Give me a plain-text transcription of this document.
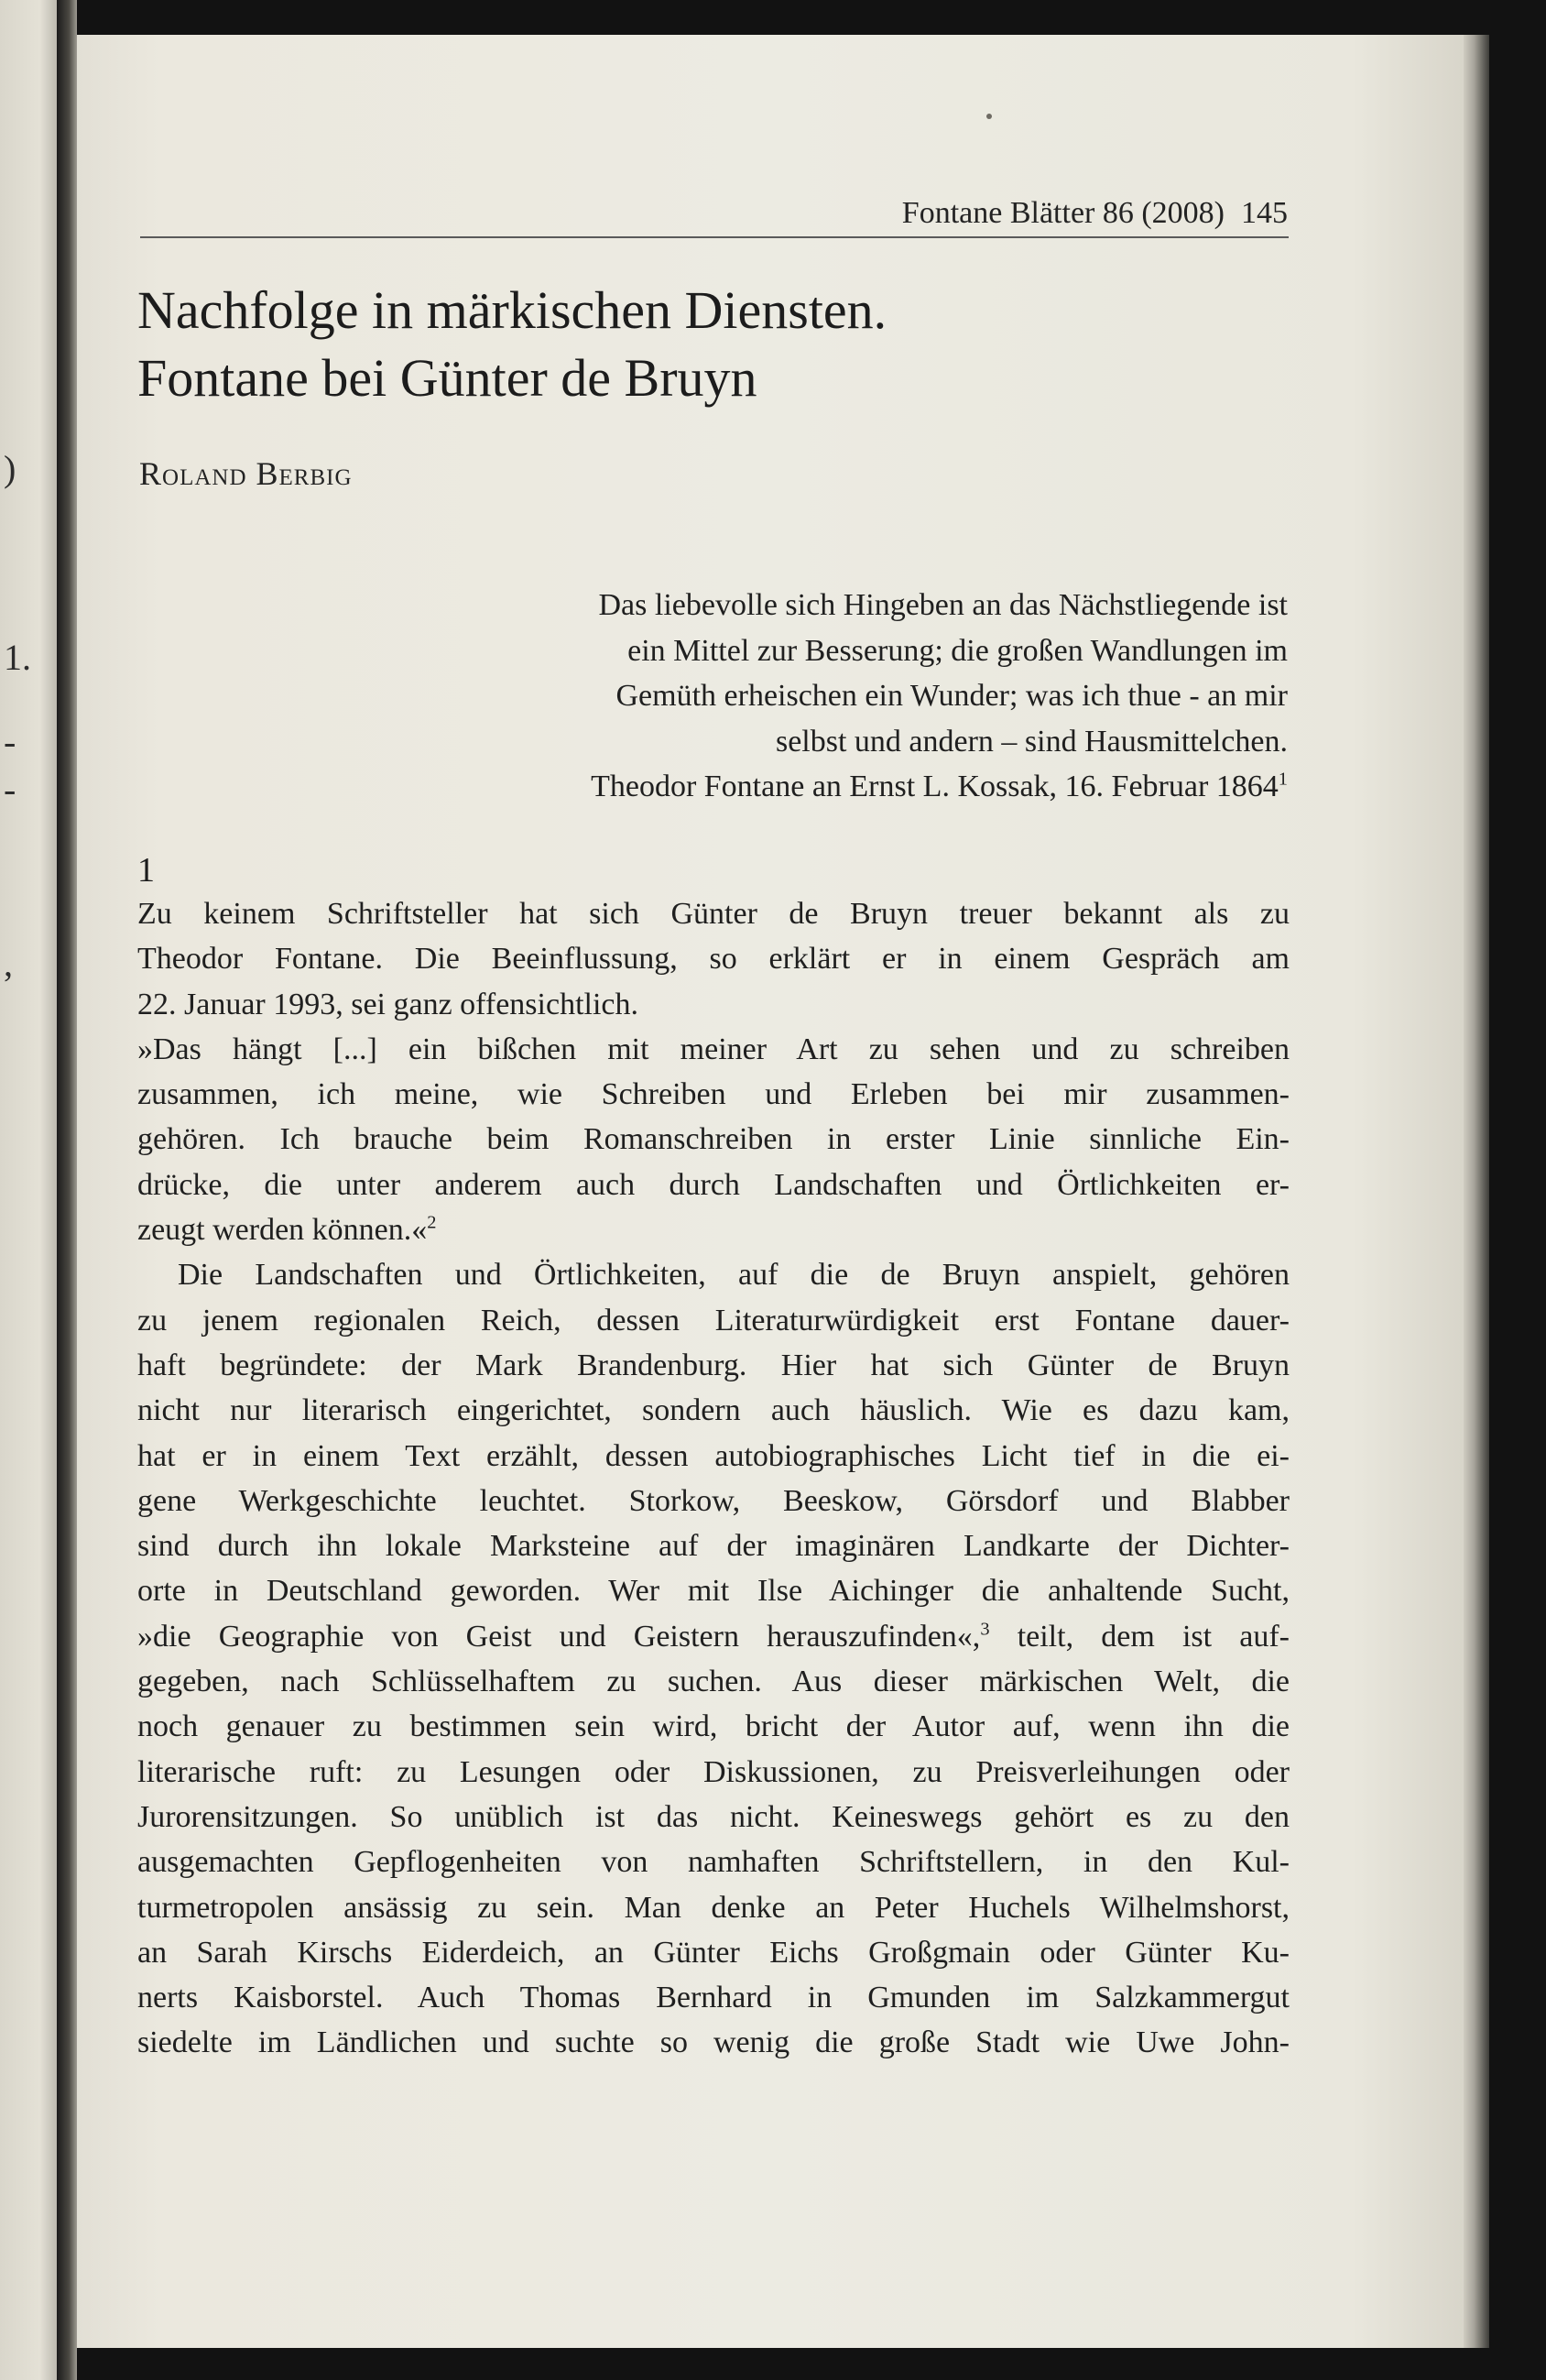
)
1.
-
-
,
Fontane Blätter 86 (2008) 145
Nachfolge in märkischen Diensten.
Fontane bei Günter de Bruyn
Roland Berbig
Das liebevolle sich Hingeben an das Nächstliegende ist
ein Mittel zur Besserung; die großen Wandlungen im
Gemüth erheischen ein Wunder; was ich thue - an mir
selbst und andern – sind Hausmittelchen.
Theodor Fontane an Ernst L. Kossak, 16. Februar 1864$^1$
1
Zu keinem Schriftsteller hat sich Günter de Bruyn treuer bekannt als zu
Theodor Fontane. Die Beeinflussung, so erklärt er in einem Gespräch am
22. Januar 1993, sei ganz offensichtlich.
»Das hängt [...] ein bißchen mit meiner Art zu sehen und zu schreiben
zusammen, ich meine, wie Schreiben und Erleben bei mir zusammen-
gehören. Ich brauche beim Romanschreiben in erster Linie sinnliche Ein-
drücke, die unter anderem auch durch Landschaften und Örtlichkeiten er-
zeugt werden können.«$^2$
Die Landschaften und Örtlichkeiten, auf die de Bruyn anspielt, gehören
zu jenem regionalen Reich, dessen Literaturwürdigkeit erst Fontane dauer-
haft begründete: der Mark Brandenburg. Hier hat sich Günter de Bruyn
nicht nur literarisch eingerichtet, sondern auch häuslich. Wie es dazu kam,
hat er in einem Text erzählt, dessen autobiographisches Licht tief in die ei-
gene Werkgeschichte leuchtet. Storkow, Beeskow, Görsdorf und Blabber
sind durch ihn lokale Marksteine auf der imaginären Landkarte der Dichter-
orte in Deutschland geworden. Wer mit Ilse Aichinger die anhaltende Sucht,
»die Geographie von Geist und Geistern herauszufinden«,$^3$ teilt, dem ist auf-
gegeben, nach Schlüsselhaftem zu suchen. Aus dieser märkischen Welt, die
noch genauer zu bestimmen sein wird, bricht der Autor auf, wenn ihn die
literarische ruft: zu Lesungen oder Diskussionen, zu Preisverleihungen oder
Jurorensitzungen. So unüblich ist das nicht. Keineswegs gehört es zu den
ausgemachten Gepflogenheiten von namhaften Schriftstellern, in den Kul-
turmetropolen ansässig zu sein. Man denke an Peter Huchels Wilhelmshorst,
an Sarah Kirschs Eiderdeich, an Günter Eichs Großgmain oder Günter Ku-
nerts Kaisborstel. Auch Thomas Bernhard in Gmunden im Salzkammergut
siedelte im Ländlichen und suchte so wenig die große Stadt wie Uwe John-
